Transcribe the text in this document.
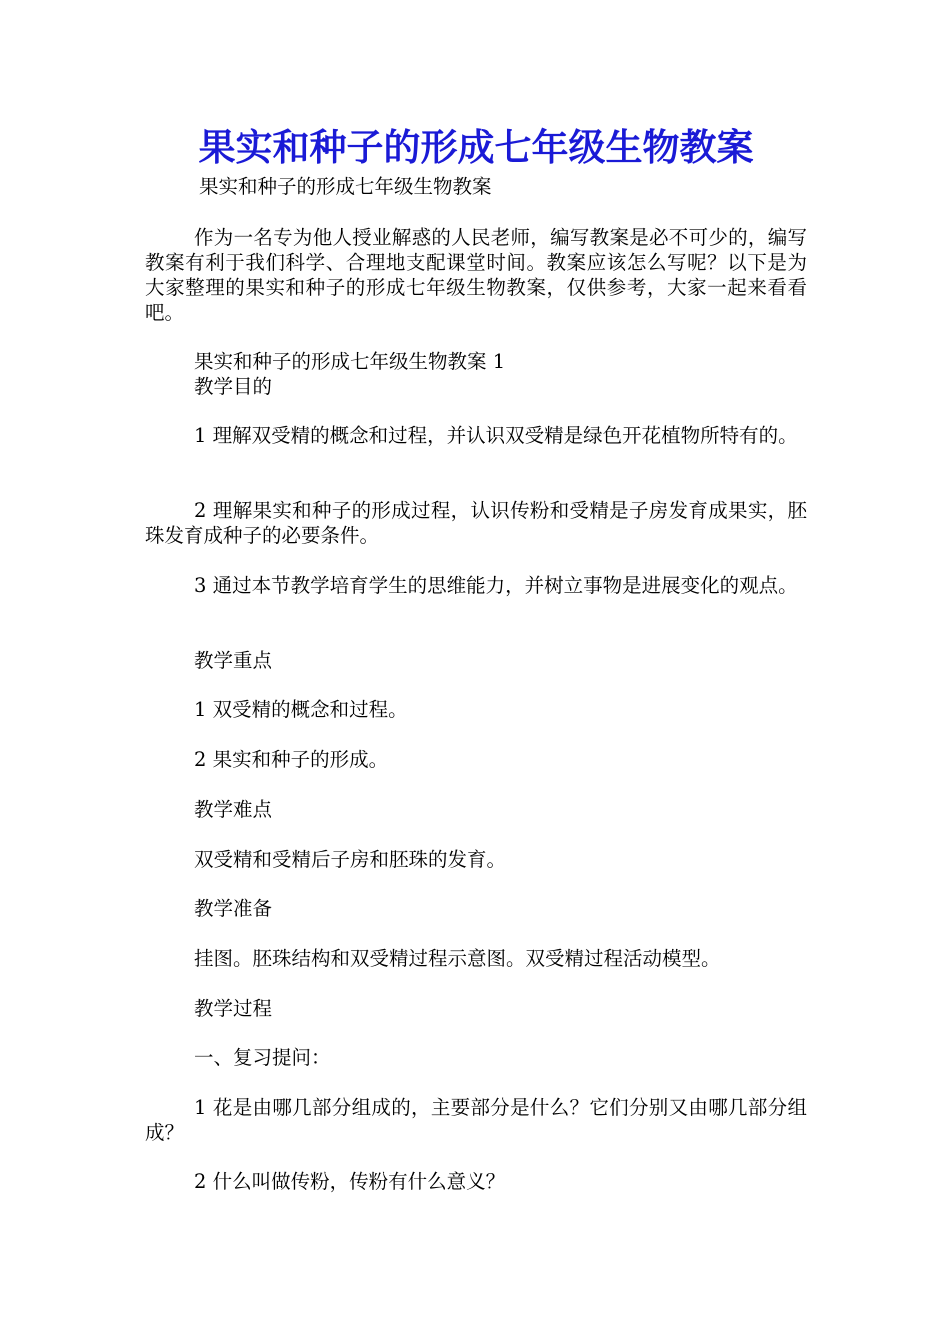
果实和种子的形成七年级生物教案
果实和种子的形成七年级生物教案

作为一名专为他人授业解惑的人民老师，编写教案是必不可少的，编写教案有利于我们科学、合理地支配课堂时间。教案应该怎么写呢？以下是为大家整理的果实和种子的形成七年级生物教案，仅供参考，大家一起来看看吧。

果实和种子的形成七年级生物教案 1

教学目的

1 理解双受精的概念和过程，并认识双受精是绿色开花植物所特有的。

2 理解果实和种子的形成过程，认识传粉和受精是子房发育成果实，胚珠发育成种子的必要条件。

3 通过本节教学培育学生的思维能力，并树立事物是进展变化的观点。

教学重点

1 双受精的概念和过程。

2 果实和种子的形成。

教学难点

双受精和受精后子房和胚珠的发育。

教学准备

挂图。胚珠结构和双受精过程示意图。双受精过程活动模型。

教学过程

一、复习提问：

1 花是由哪几部分组成的，主要部分是什么？它们分别又由哪几部分组成？

2 什么叫做传粉，传粉有什么意义？
